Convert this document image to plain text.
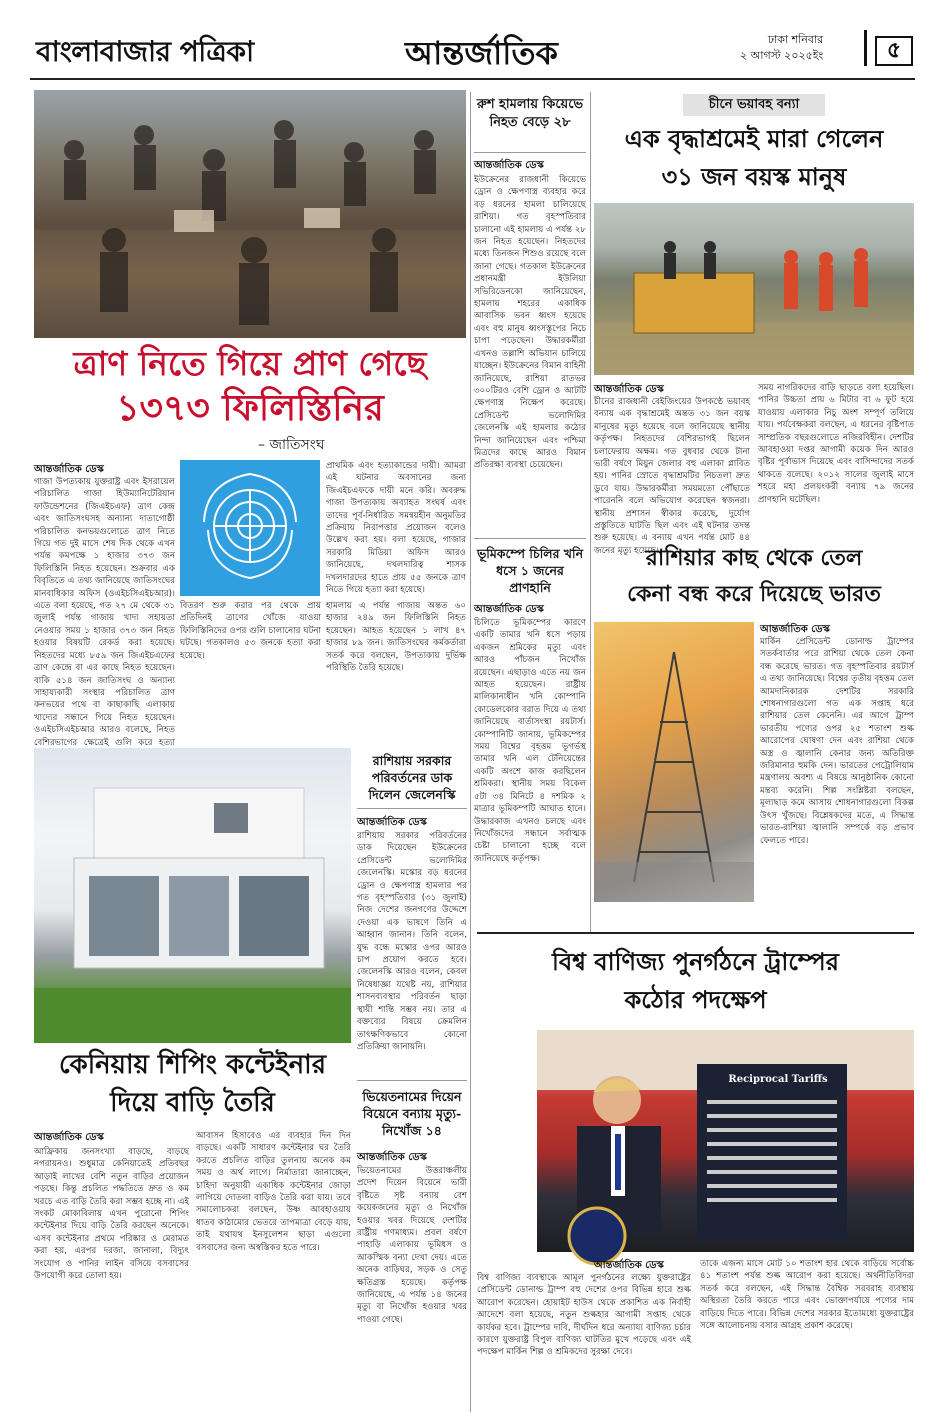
বাংলাবাজার পত্রিকা	আন্তর্জাতিক	ঢাকা শনিবার
২ আগস্ট ২০২৫ইং	৫
ত্রাণ নিতে গিয়ে প্রাণ গেছে
১৩৭৩ ফিলিস্তিনির
– জাতিসংঘ
আন্তর্জাতিক ডেস্ক
গাজা উপত্যকায় যুক্তরাষ্ট্র এবং ইসরায়েল পরিচালিত গাজা হিউম্যানিটেরিয়ান ফাউন্ডেশনের (জিএইচএফ) ত্রাণ কেন্দ্র এবং জাতিসংঘসহ অন্যান্য দাতাগোষ্ঠী পরিচালিত কনভয়গুলোতে ত্রাণ নিতে গিয়ে গত দুই মাসে শেষ দিক থেকে এখন পর্যন্ত কমপক্ষে ১ হাজার ৩৭৩ জন ফিলিস্তিনি নিহত হয়েছেন। শুক্রবার এক বিবৃতিতে এ তথ্য জানিয়েছে জাতিসংঘের মানবাধিকার অফিস (ওএইচসিএইচআর)। এতে বলা হয়েছে, গত ২৭ মে থেকে ৩১ জুলাই পর্যন্ত গাজায় খাদ্য সহায়তা নেওয়ার সময় ১ হাজার ৩৭৩ জন নিহত হওয়ার বিষয়টি রেকর্ড করা হয়েছে। নিহতদের মধ্যে ৮৫৯ জন জিএইচএফের ত্রাণ কেন্দ্রে বা এর কাছে নিহত হয়েছেন। বাকি ৫১৪ জন জাতিসংঘ ও অন্যান্য সাহায্যকারী সংস্থার পরিচালিত ত্রাণ কনভয়ের পথে বা কাছাকাছি এলাকায় খাদ্যের সন্ধানে গিয়ে নিহত হয়েছেন। ওএইচসিএইচআর আরও বলেছে, নিহত বেশিরভাগের ক্ষেত্রেই গুলি করে হত্যা
বিতরণ শুরু করার পর থেকে প্রায় প্রতিদিনই ত্রাণের খোঁজে যাওয়া ফিলিস্তিনিদের ওপর গুলি চালানোর ঘটনা ঘটছে। গতকালও ৫৩ জনকে হত্যা করা হয়েছে।
প্রাথমিক এবং হত্যাকান্ডের দায়ী। আমরা এই ঘটনার অবসানের জন্য জিএইচএফকে দায়ী মনে করি। অবরুদ্ধ গাজা উপত্যকায় অব্যাহত সংঘর্ষ এবং তাদের পূর্ব-নির্ধারিত সমন্বয়হীন অনুমতির প্রক্রিয়ায় নিরাপত্তার প্রয়োজন বলেও উল্লেখ করা হয়। বলা হয়েছে, গাজার সরকারি মিডিয়া অফিস আরও জানিয়েছে, দখলদারিত্ব শাসক দখলদারদের হাতে প্রায় ৫৫ জনকে ত্রাণ নিতে গিয়ে হত্যা করা হয়েছে।
হামলায় এ পর্যন্ত গাজায় অন্তত ৬০ হাজার ২৪৯ জন ফিলিস্তিনি নিহত হয়েছেন। আহত হয়েছেন ১ লাখ ৪৭ হাজার ৮৯ জন। জাতিসংঘের কর্মকর্তারা সতর্ক করে বলছেন, উপত্যকায় দুর্ভিক্ষ পরিস্থিতি তৈরি হয়েছে।
রাশিয়ায় সরকার পরিবর্তনের ডাক দিলেন জেলেনস্কি
আন্তর্জাতিক ডেস্ক
রাশিয়ায় সরকার পরিবর্তনের ডাক দিয়েছেন ইউক্রেনের প্রেসিডেন্ট ভলোদিমির জেলেনস্কি। মস্কোর বড় ধরনের ড্রোন ও ক্ষেপণাস্ত্র হামলার পর গত বৃহস্পতিবার (৩১ জুলাই) নিজ দেশের জনগণের উদ্দেশে দেওয়া এক ভাষণে তিনি এ আহ্বান জানান। তিনি বলেন, যুদ্ধ বন্ধে মস্কোর ওপর আরও চাপ প্রয়োগ করতে হবে। জেলেনস্কি আরও বলেন, কেবল নিষেধাজ্ঞা যথেষ্ট নয়, রাশিয়ার শাসনব্যবস্থার পরিবর্তন ছাড়া স্থায়ী শান্তি সম্ভব নয়। তার এ বক্তব্যের বিষয়ে ক্রেমলিন তাৎক্ষণিকভাবে কোনো প্রতিক্রিয়া জানায়নি।
কেনিয়ায় শিপিং কন্টেইনার
দিয়ে বাড়ি তৈরি
আন্তর্জাতিক ডেস্ক
আফ্রিকায় জনসংখ্যা বাড়ছে, বাড়ছে নগরায়নও। শুধুমাত্র কেনিয়াতেই প্রতিবছর আড়াই লাখের বেশি নতুন বাড়ির প্রয়োজন পড়ছে। কিন্তু প্রচলিত পদ্ধতিতে দ্রুত ও কম খরচে এত বাড়ি তৈরি করা সম্ভব হচ্ছে না। এই সংকট মোকাবিলায় এখন পুরোনো শিপিং কন্টেইনার দিয়ে বাড়ি তৈরি করছেন অনেকে। এসব কন্টেইনার প্রথমে পরিষ্কার ও মেরামত করা হয়, এরপর দরজা, জানালা, বিদ্যুৎ সংযোগ ও পানির লাইন বসিয়ে বসবাসের উপযোগী করে তোলা হয়।
আবাসন হিসাবেও এর ব্যবহার দিন দিন বাড়ছে। একটি সাধারণ কন্টেইনার ঘর তৈরি করতে প্রচলিত বাড়ির তুলনায় অনেক কম সময় ও অর্থ লাগে। নির্মাতারা জানাচ্ছেন, চাহিদা অনুযায়ী একাধিক কন্টেইনার জোড়া লাগিয়ে দোতলা বাড়িও তৈরি করা যায়। তবে সমালোচকরা বলছেন, উষ্ণ আবহাওয়ায় ধাতব কাঠামোর ভেতরে তাপমাত্রা বেড়ে যায়, তাই যথাযথ ইনসুলেশন ছাড়া এগুলো বসবাসের জন্য অস্বস্তিকর হতে পারে।
ভিয়েতনামের দিয়েন বিয়েনে বন্যায় মৃত্যু-নিখোঁজ ১৪
আন্তর্জাতিক ডেস্ক
ভিয়েতনামের উত্তরাঞ্চলীয় প্রদেশ দিয়েন বিয়েনে ভারী বৃষ্টিতে সৃষ্ট বন্যায় বেশ কয়েকজনের মৃত্যু ও নিখোঁজ হওয়ার খবর দিয়েছে দেশটির রাষ্ট্রীয় গণমাধ্যম। প্রবল বর্ষণে পাহাড়ি এলাকায় ভূমিধস ও আকস্মিক বন্যা দেখা দেয়। এতে অনেক বাড়িঘর, সড়ক ও সেতু ক্ষতিগ্রস্ত হয়েছে। কর্তৃপক্ষ জানিয়েছে, এ পর্যন্ত ১৪ জনের মৃত্যু বা নিখোঁজ হওয়ার খবর পাওয়া গেছে।
রুশ হামলায় কিয়েভে নিহত বেড়ে ২৮
আন্তর্জাতিক ডেস্ক
ইউক্রেনের রাজধানী কিয়েভে ড্রোন ও ক্ষেপণাস্ত্র ব্যবহার করে বড় ধরনের হামলা চালিয়েছে রাশিয়া। গত বৃহস্পতিবার চালানো এই হামলায় এ পর্যন্ত ২৮ জন নিহত হয়েছেন। নিহতদের মধ্যে তিনজন শিশুও রয়েছে বলে জানা গেছে। গতকাল ইউক্রেনের প্রধানমন্ত্রী ইউলিয়া সভিরিডেনকো জানিয়েছেন, হামলায় শহরের একাধিক আবাসিক ভবন ধ্বংস হয়েছে এবং বহু মানুষ ধ্বংসস্তূপের নিচে চাপা পড়েছেন। উদ্ধারকর্মীরা এখনও তল্লাশি অভিযান চালিয়ে যাচ্ছেন। ইউক্রেনের বিমান বাহিনী জানিয়েছে, রাশিয়া রাতভর ৩০০টিরও বেশি ড্রোন ও আটটি ক্ষেপণাস্ত্র নিক্ষেপ করেছে। প্রেসিডেন্ট ভলোদিমির জেলেনস্কি এই হামলার কঠোর নিন্দা জানিয়েছেন এবং পশ্চিমা মিত্রদের কাছে আরও বিমান প্রতিরক্ষা ব্যবস্থা চেয়েছেন।
ভূমিকম্পে চিলির খনি ধসে ১ জনের প্রাণহানি
আন্তর্জাতিক ডেস্ক
চিলিতে ভূমিকম্পের কারণে একটি তামার খনি ধসে পড়ায় একজন শ্রমিকের মৃত্যু এবং আরও পাঁচজন নিখোঁজ রয়েছেন। এছাড়াও এতে নয় জন আহত হয়েছেন। রাষ্ট্রীয় মালিকানাধীন খনি কোম্পানি কোডেলকোর বরাত দিয়ে এ তথ্য জানিয়েছে বার্তাসংস্থা রয়টার্স। কোম্পানিটি জানায়, ভূমিকম্পের সময় বিশ্বের বৃহত্তম ভূগর্ভস্থ তামার খনি এল টেনিয়েন্তের একটি অংশে কাজ করছিলেন শ্রমিকরা। স্থানীয় সময় বিকেল ৫টা ৩৪ মিনিটে ৪ দশমিক ২ মাত্রার ভূমিকম্পটি আঘাত হানে। উদ্ধারকাজ এখনও চলছে এবং নিখোঁজদের সন্ধানে সর্বাত্মক চেষ্টা চালানো হচ্ছে বলে জানিয়েছে কর্তৃপক্ষ।
চীনে ভয়াবহ বন্যা
এক বৃদ্ধাশ্রমেই মারা গেলেন
৩১ জন বয়স্ক মানুষ
আন্তর্জাতিক ডেস্ক
চীনের রাজধানী বেইজিংয়ের উপকণ্ঠে ভয়াবহ বন্যায় এক বৃদ্ধাশ্রমেই অন্তত ৩১ জন বয়স্ক মানুষের মৃত্যু হয়েছে বলে জানিয়েছে স্থানীয় কর্তৃপক্ষ। নিহতদের বেশিরভাগই ছিলেন চলাফেরায় অক্ষম। গত বুধবার থেকে টানা ভারী বর্ষণে মিয়ুন জেলার বহু এলাকা প্লাবিত হয়। পানির স্রোতে বৃদ্ধাশ্রমটির নিচতলা দ্রুত ডুবে যায়। উদ্ধারকর্মীরা সময়মতো পৌঁছাতে পারেননি বলে অভিযোগ করেছেন স্বজনরা। স্থানীয় প্রশাসন স্বীকার করেছে, দুর্যোগ প্রস্তুতিতে ঘাটতি ছিল এবং এই ঘটনার তদন্ত শুরু হয়েছে। এ বন্যায় এখন পর্যন্ত মোট ৪৪ জনের মৃত্যু হয়েছে।
সময় নাগরিকদের বাড়ি ছাড়তে বলা হয়েছিল। পানির উচ্চতা প্রায় ৬ মিটার বা ৬ ফুট হয়ে যাওয়ায় এলাকার নিচু অংশ সম্পূর্ণ তলিয়ে যায়। পর্যবেক্ষকরা বলছেন, এ ধরনের বৃষ্টিপাত সাম্প্রতিক বছরগুলোতে নজিরবিহীন। দেশটির আবহাওয়া দপ্তর আগামী কয়েক দিন আরও বৃষ্টির পূর্বাভাস দিয়েছে এবং বাসিন্দাদের সতর্ক থাকতে বলেছে। ২০১২ সালের জুলাই মাসে শহরে মহা প্রলয়ংকরী বন্যায় ৭৯ জনের প্রাণহানি ঘটেছিল।
রাশিয়ার কাছ থেকে তেল
কেনা বন্ধ করে দিয়েছে ভারত
আন্তর্জাতিক ডেস্ক
মার্কিন প্রেসিডেন্ট ডোনাল্ড ট্রাম্পের সতর্কবার্তার পরে রাশিয়া থেকে তেল কেনা বন্ধ করেছে ভারত। গত বৃহস্পতিবার রয়টার্স এ তথ্য জানিয়েছে। বিশ্বের তৃতীয় বৃহত্তম তেল আমদানিকারক দেশটির সরকারি শোধনাগারগুলো গত এক সপ্তাহ ধরে রাশিয়ার তেল কেনেনি। এর আগে ট্রাম্প ভারতীয় পণ্যের ওপর ২৫ শতাংশ শুল্ক আরোপের ঘোষণা দেন এবং রাশিয়া থেকে অস্ত্র ও জ্বালানি কেনার জন্য অতিরিক্ত জরিমানার হুমকি দেন। ভারতের পেট্রোলিয়াম মন্ত্রণালয় অবশ্য এ বিষয়ে আনুষ্ঠানিক কোনো মন্তব্য করেনি। শিল্প সংশ্লিষ্টরা বলছেন, মূল্যছাড় কমে আসায় শোধনাগারগুলো বিকল্প উৎস খুঁজছে। বিশ্লেষকদের মতে, এ সিদ্ধান্ত ভারত-রাশিয়া জ্বালানি সম্পর্কে বড় প্রভাব ফেলতে পারে।
বিশ্ব বাণিজ্য পুনর্গঠনে ট্রাম্পের
কঠোর পদক্ষেপ
Reciprocal Tariffs
আন্তর্জাতিক ডেস্ক
বিশ্ব বাণিজ্য ব্যবস্থাকে আমূল পুনর্গঠনের লক্ষ্যে যুক্তরাষ্ট্রের প্রেসিডেন্ট ডোনাল্ড ট্রাম্প বহু দেশের ওপর বিভিন্ন হারে শুল্ক আরোপ করেছেন। হোয়াইট হাউস থেকে প্রকাশিত এক নির্বাহী আদেশে বলা হয়েছে, নতুন শুল্কহার আগামী সপ্তাহ থেকে কার্যকর হবে। ট্রাম্পের দাবি, দীর্ঘদিন ধরে অন্যায্য বাণিজ্য চর্চার কারণে যুক্তরাষ্ট্র বিপুল বাণিজ্য ঘাটতির মুখে পড়েছে এবং এই পদক্ষেপ মার্কিন শিল্প ও শ্রমিকদের সুরক্ষা দেবে।
তাকে এজন্য মাসে মোট ১০ শতাংশ হার থেকে বাড়িয়ে সর্বোচ্চ ৪১ শতাংশ পর্যন্ত শুল্ক আরোপ করা হয়েছে। অর্থনীতিবিদরা সতর্ক করে বলছেন, এই সিদ্ধান্ত বৈশ্বিক সরবরাহ ব্যবস্থায় অস্থিরতা তৈরি করতে পারে এবং ভোক্তাপর্যায়ে পণ্যের দাম বাড়িয়ে দিতে পারে। বিভিন্ন দেশের সরকার ইতোমধ্যে যুক্তরাষ্ট্রের সঙ্গে আলোচনায় বসার আগ্রহ প্রকাশ করেছে।
